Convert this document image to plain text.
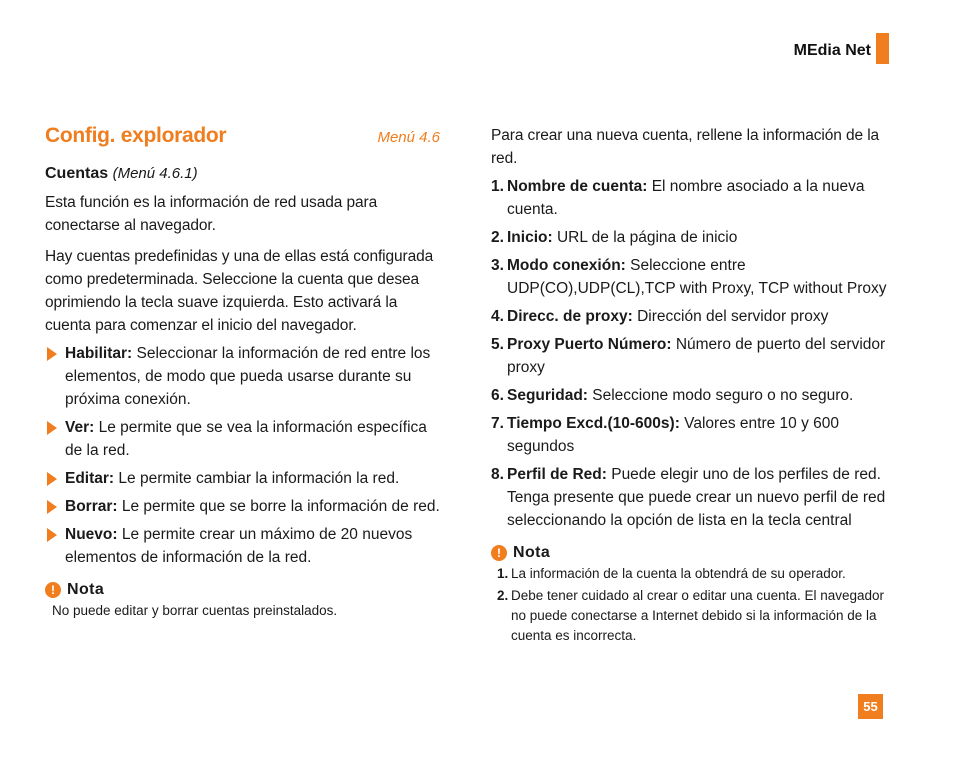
MEdia Net
Config. explorador	Menú 4.6
Cuentas (Menú 4.6.1)

Esta función es la información de red usada para conectarse al navegador.

Hay cuentas predefinidas y una de ellas está configurada como predeterminada. Seleccione la cuenta que desea oprimiendo la tecla suave izquierda. Esto activará la cuenta para comenzar el inicio del navegador.

Habilitar: Seleccionar la información de red entre los elementos, de modo que pueda usarse durante su próxima conexión.
Ver: Le permite que se vea la información específica de la red.
Editar: Le permite cambiar la información la red.
Borrar: Le permite que se borre la información de red.
Nuevo: Le permite crear un máximo de 20 nuevos elementos de información de la red.
! Nota
No puede editar y borrar cuentas preinstalados.

Para crear una nueva cuenta, rellene la información de la red.

1. Nombre de cuenta: El nombre asociado a la nueva cuenta.
2. Inicio: URL de la página de inicio
3. Modo conexión: Seleccione entre UDP(CO),UDP(CL),TCP with Proxy, TCP without Proxy
4. Direcc. de proxy: Dirección del servidor proxy
5. Proxy Puerto Número: Número de puerto del servidor proxy
6. Seguridad: Seleccione modo seguro o no seguro.
7. Tiempo Excd.(10-600s): Valores entre 10 y 600 segundos
8. Perfil de Red: Puede elegir uno de los perfiles de red. Tenga presente que puede crear un nuevo perfil de red seleccionando la opción de lista en la tecla central
! Nota
1. La información de la cuenta la obtendrá de su operador.
2. Debe tener cuidado al crear o editar una cuenta. El navegador no puede conectarse a Internet debido si la información de la cuenta es incorrecta.
55
